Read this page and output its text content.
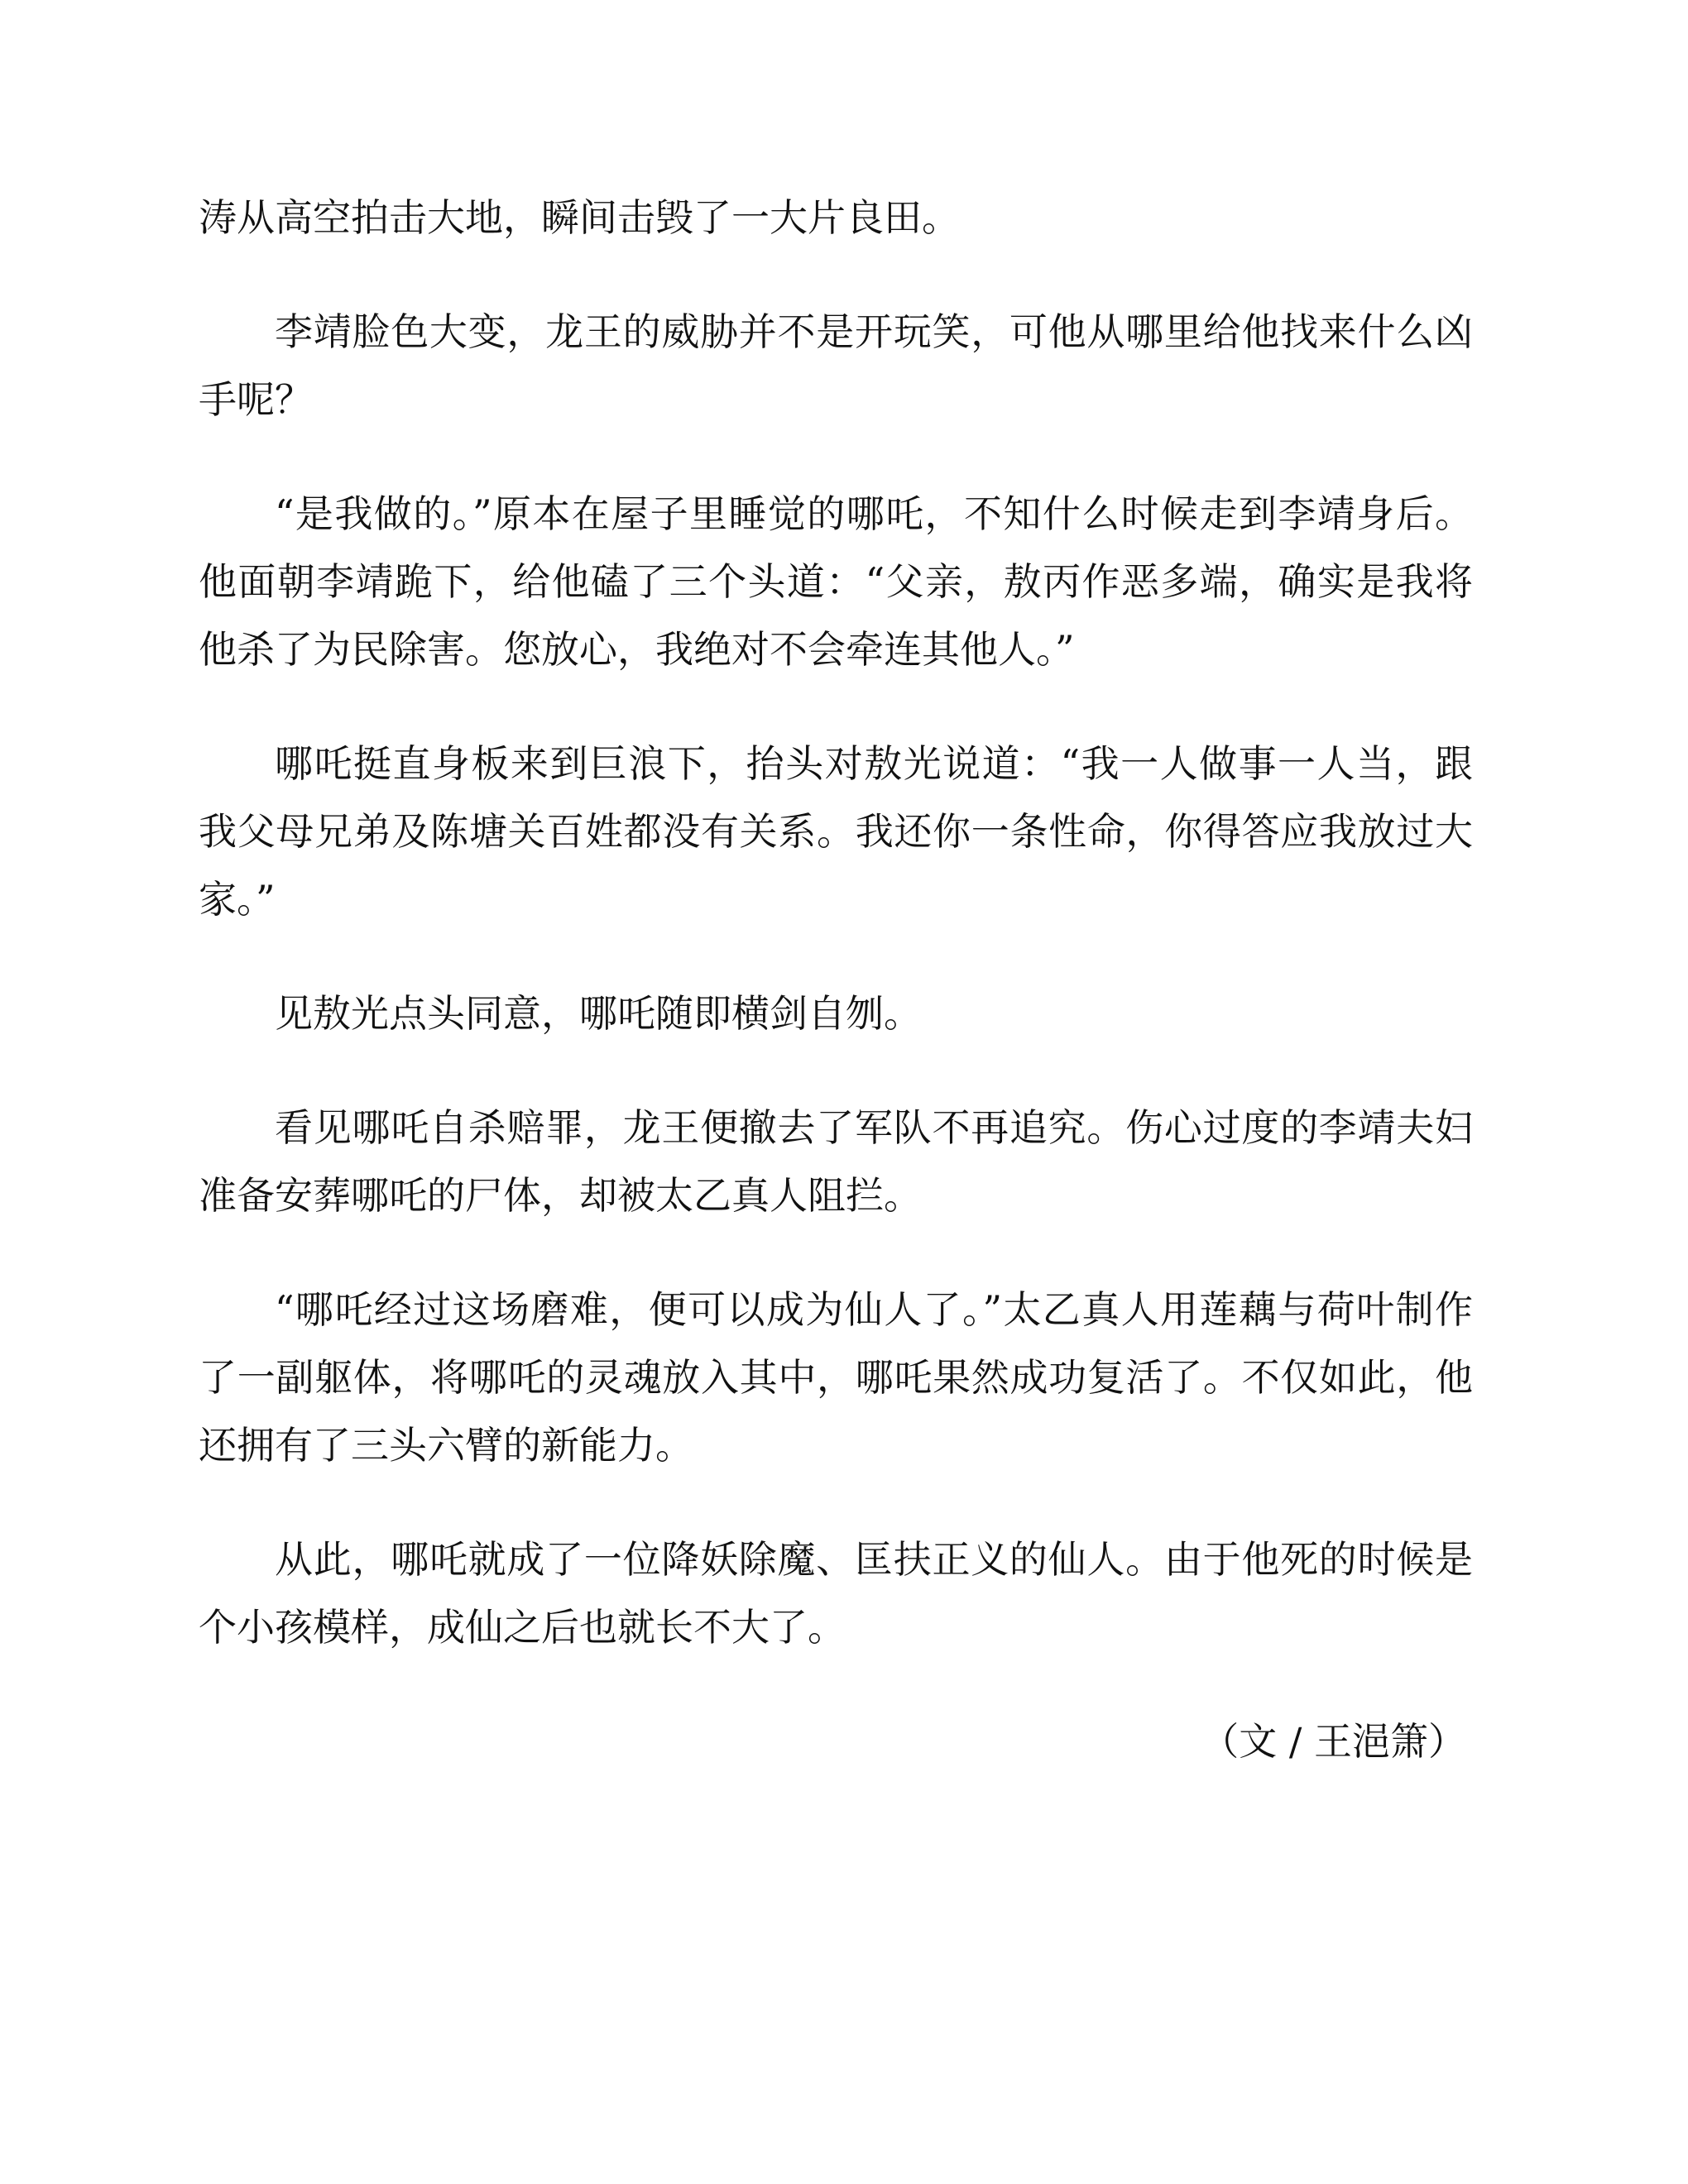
涛从高空拍击大地，瞬间击毁了一大片良田。

李靖脸色大变，龙王的威胁并不是开玩笑，可他从哪里给他找来什么凶手呢？

“是我做的。”原本在屋子里睡觉的哪吒，不知什么时候走到李靖身后。他面朝李靖跪下，给他磕了三个头道：“父亲，敖丙作恶多端，确实是我将他杀了为民除害。您放心，我绝对不会牵连其他人。”

哪吒挺直身板来到巨浪下，抬头对敖光说道：“我一人做事一人当，跟我父母兄弟及陈塘关百姓都没有关系。我还你一条性命，你得答应我放过大家。”

见敖光点头同意，哪吒随即横剑自刎。

看见哪吒自杀赔罪，龙王便撤去了军队不再追究。伤心过度的李靖夫妇准备安葬哪吒的尸体，却被太乙真人阻拦。

“哪吒经过这场磨难，便可以成为仙人了。”太乙真人用莲藕与荷叶制作了一副躯体，将哪吒的灵魂放入其中，哪吒果然成功复活了。不仅如此，他还拥有了三头六臂的新能力。

从此，哪吒就成了一位降妖除魔、匡扶正义的仙人。由于他死的时候是个小孩模样，成仙之后也就长不大了。

（文 / 王浥箫）
